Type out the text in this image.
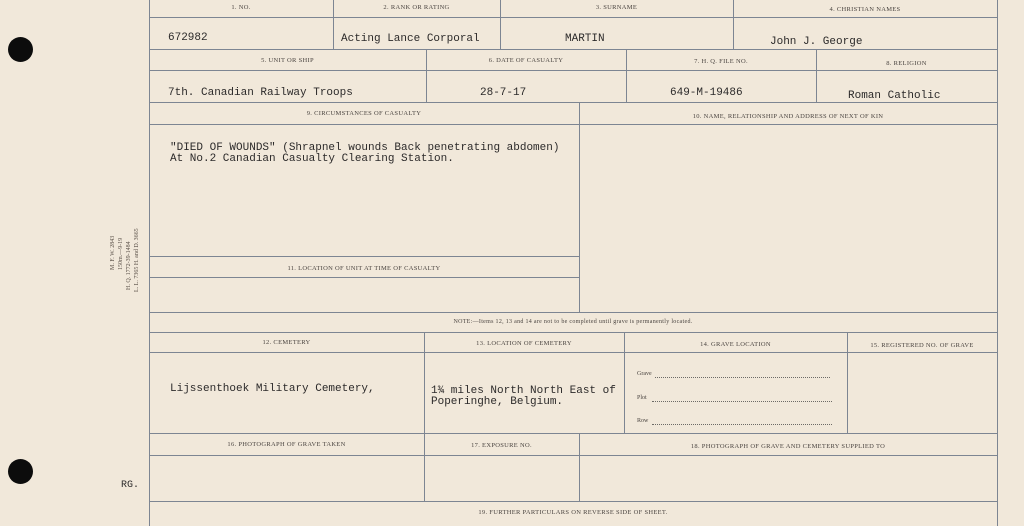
M. F. W. 2843 150m.—9-19 H. Q. 1772-39-1484 L. L. 7365 H. and D. 3665
RG.
1. NO.	2. RANK OR RATING	3. SURNAME	4. CHRISTIAN NAMES
672982	Acting Lance Corporal	MARTIN	John J. George
5. UNIT OR SHIP	6. DATE OF CASUALTY	7. H. Q. FILE NO.	8. RELIGION
7th. Canadian Railway Troops	28-7-17	649-M-19486	Roman Catholic
9. CIRCUMSTANCES OF CASUALTY	10. NAME, RELATIONSHIP AND ADDRESS OF NEXT OF KIN
"DIED OF WOUNDS" (Shrapnel wounds Back penetrating abdomen)
At No.2 Canadian Casualty Clearing Station.
11. LOCATION OF UNIT AT TIME OF CASUALTY
NOTE:—Items 12, 13 and 14 are not to be completed until grave is permanently located.
12. CEMETERY	13. LOCATION OF CEMETERY	14. GRAVE LOCATION	15. REGISTERED NO. OF GRAVE
Lijssenthoek Military Cemetery,	1¾ miles North North East of
Poperinghe, Belgium.
Grave
Plot
Row
16. PHOTOGRAPH OF GRAVE TAKEN	17. EXPOSURE NO.	18. PHOTOGRAPH OF GRAVE AND CEMETERY SUPPLIED TO
19. FURTHER PARTICULARS ON REVERSE SIDE OF SHEET.
